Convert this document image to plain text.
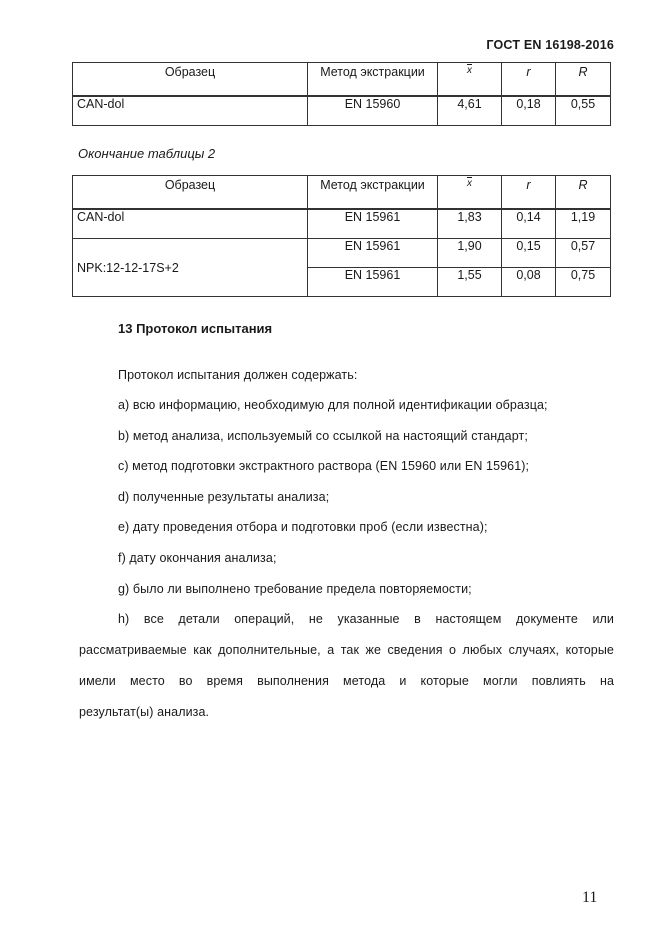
ГОСТ EN 16198-2016
Образец	Метод экстракции	$\overline{x}$	r	R
CAN-dol	EN 15960	4,61	0,18	0,55
Окончание таблицы 2
Образец	Метод экстракции	$\overline{x}$	r	R
CAN-dol	EN 15961	1,83	0,14	1,19
NPK:12-12-17S+2	EN 15961	1,90	0,15	0,57
	EN 15961	1,55	0,08	0,75
13 Протокол испытания
Протокол испытания должен содержать:
a) всю информацию, необходимую для полной идентификации образца;
b) метод анализа, используемый со ссылкой на настоящий стандарт;
c) метод подготовки экстрактного раствора (EN 15960 или EN 15961);
d) полученные результаты анализа;
e) дату проведения отбора и подготовки проб (если известна);
f) дату окончания анализа;
g) было ли выполнено требование предела повторяемости;
h) все детали операций, не указанные в настоящем документе или
рассматриваемые как дополнительные, а так же сведения о любых случаях, которые
имели место во время выполнения метода и которые могли повлиять на
результат(ы) анализа.
11
